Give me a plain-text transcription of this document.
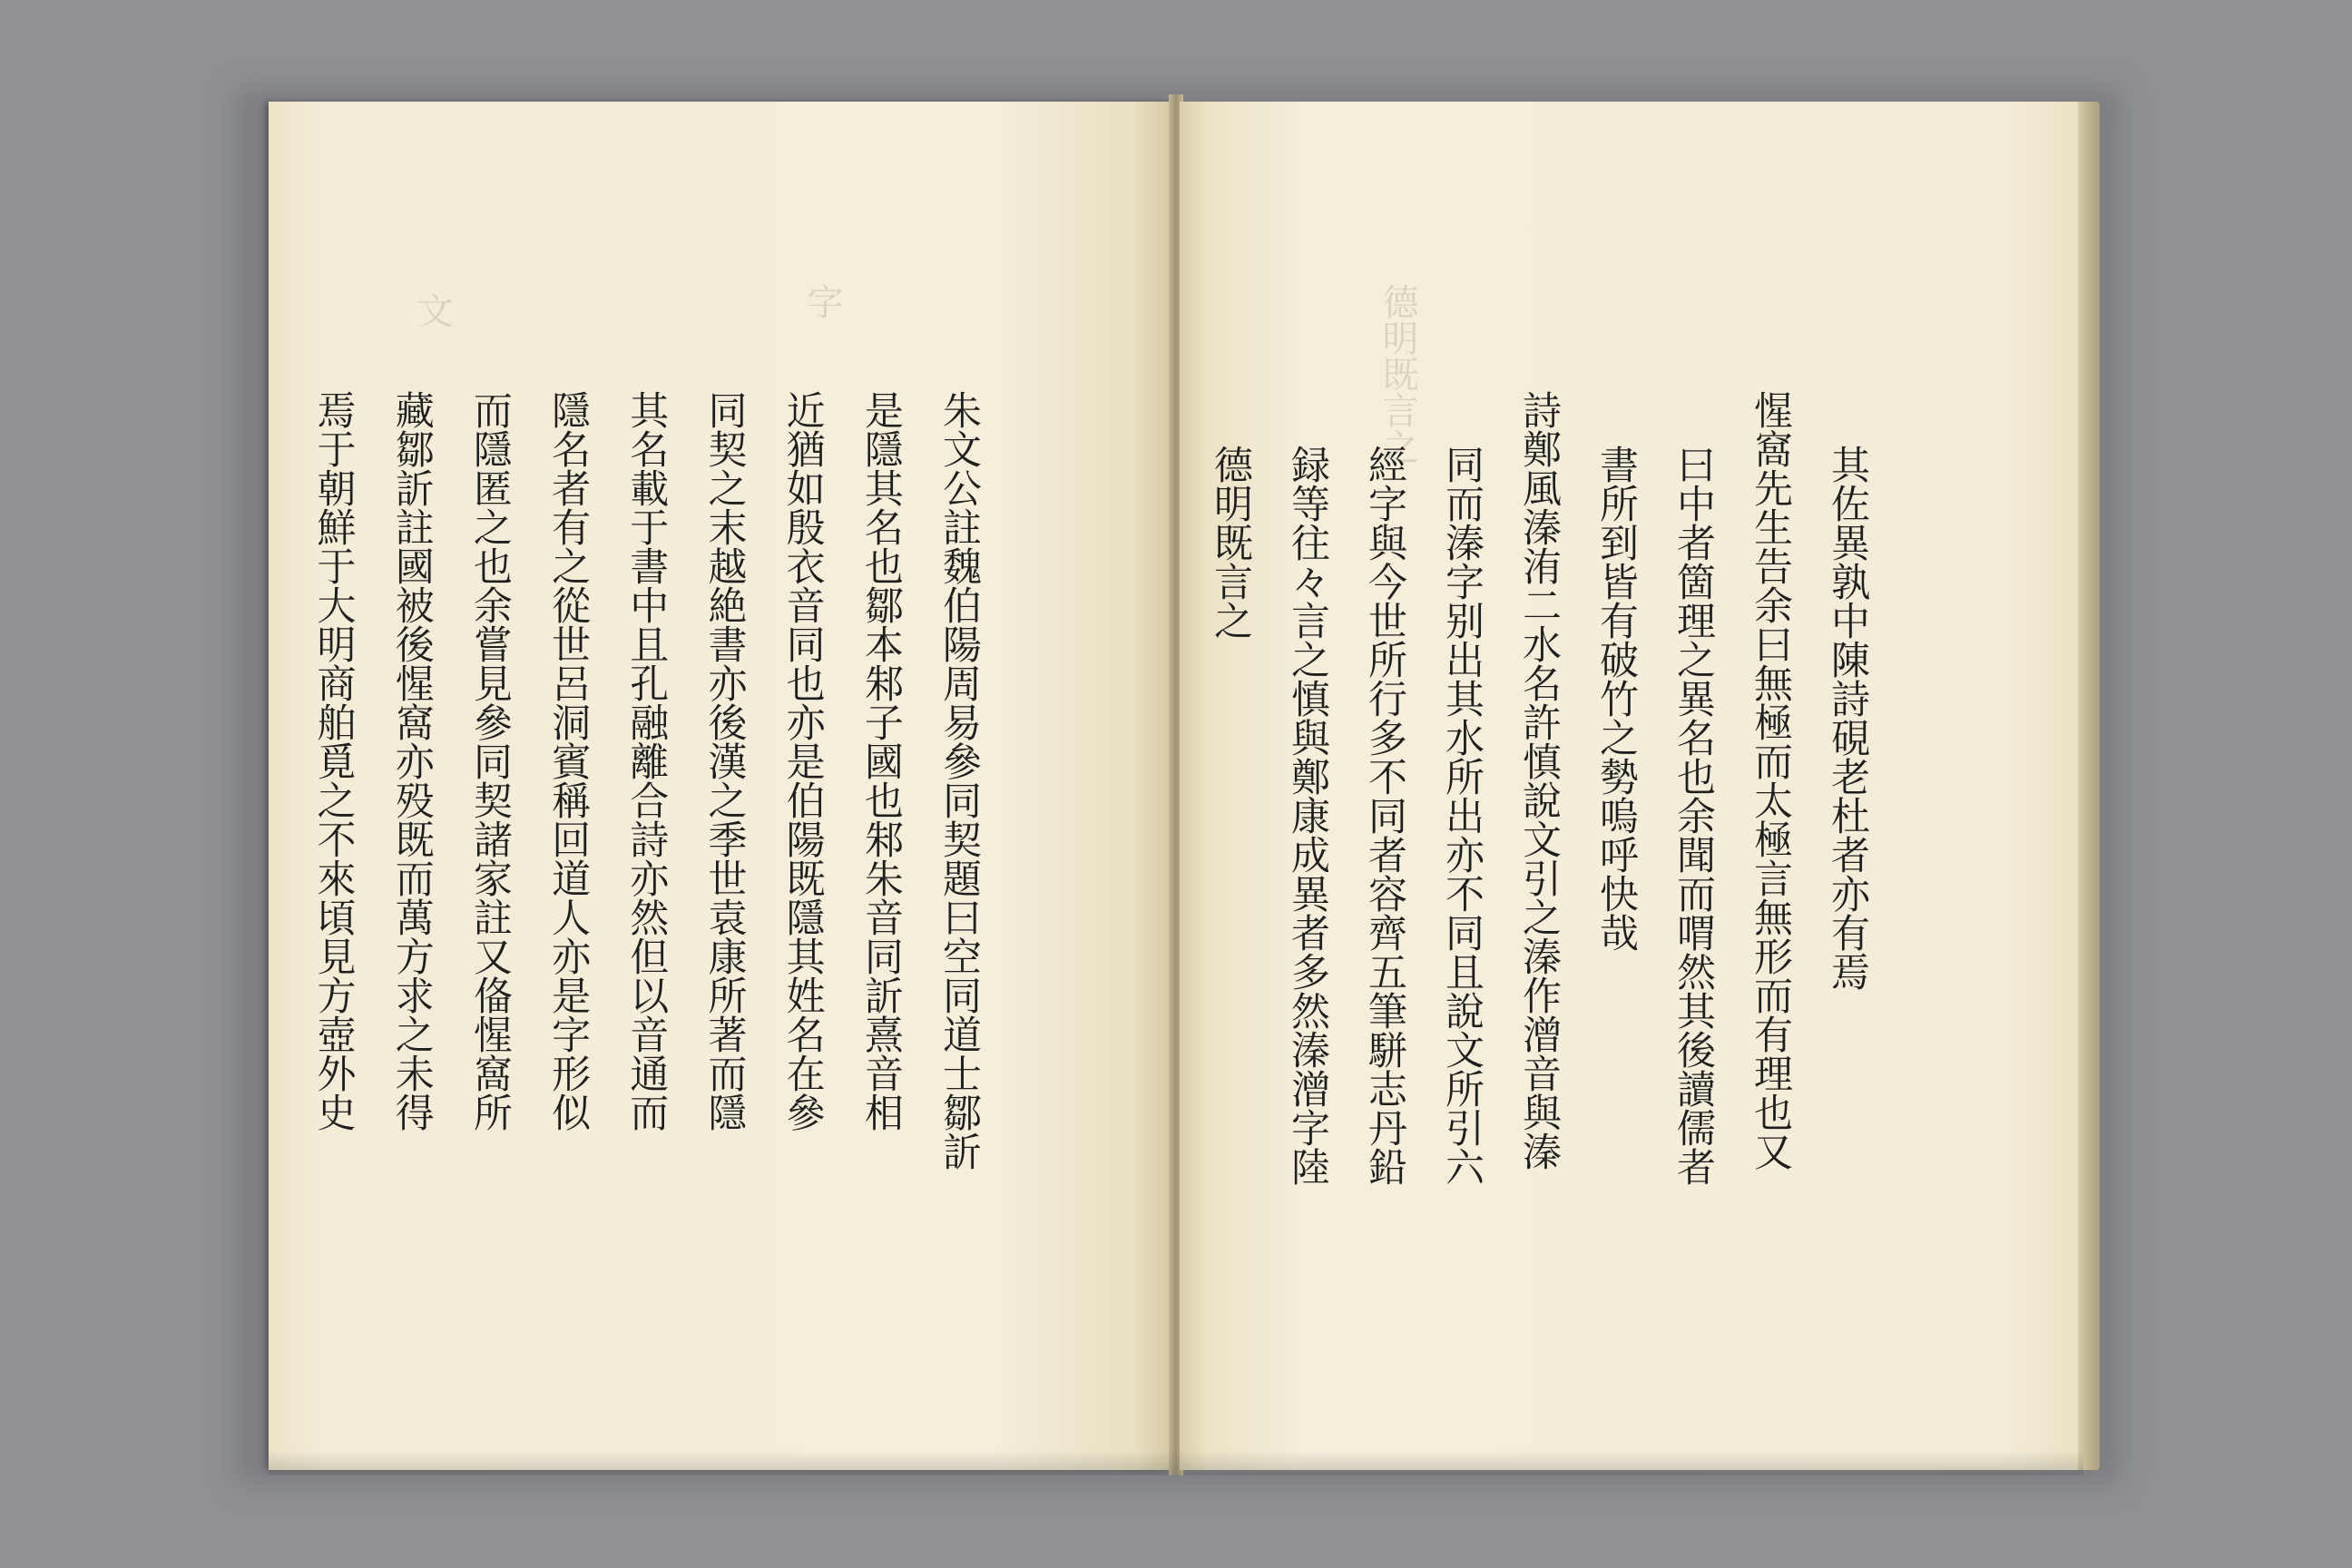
文	字
朱文公註魏伯陽周易參同契題曰空同道士鄒訢
是隱其名也鄒本邾子國也邾朱音同訢熹音相
近猶如殷衣音同也亦是伯陽既隱其姓名在參
同契之末越絶書亦後漢之季世袁康所著而隱
其名載于書中且孔融離合詩亦然但以音通而
隱名者有之從世呂洞賓稱回道人亦是字形似
而隱匿之也余嘗見參同契諸家註又俻惺窩所
藏鄒訢註國被後惺窩亦殁既而萬方求之未得
焉于朝鮮于大明商舶覓之不來頃見方壺外史
德明既言之
其佐異孰中陳詩硯老杜者亦有焉
惺窩先生告余曰無極而太極言無形而有理也又
曰中者箇理之異名也余聞而喟然其後讀儒者
書所到皆有破竹之勢嗚呼快哉
詩鄭風溱洧二水名許慎說文引之溱作潧音與溱
同而溱字别出其水所出亦不同且說文所引六
經字與今世所行多不同者容齊五筆駢志丹鉛
録等往々言之慎與鄭康成異者多然溱潧字陸
德明既言之
